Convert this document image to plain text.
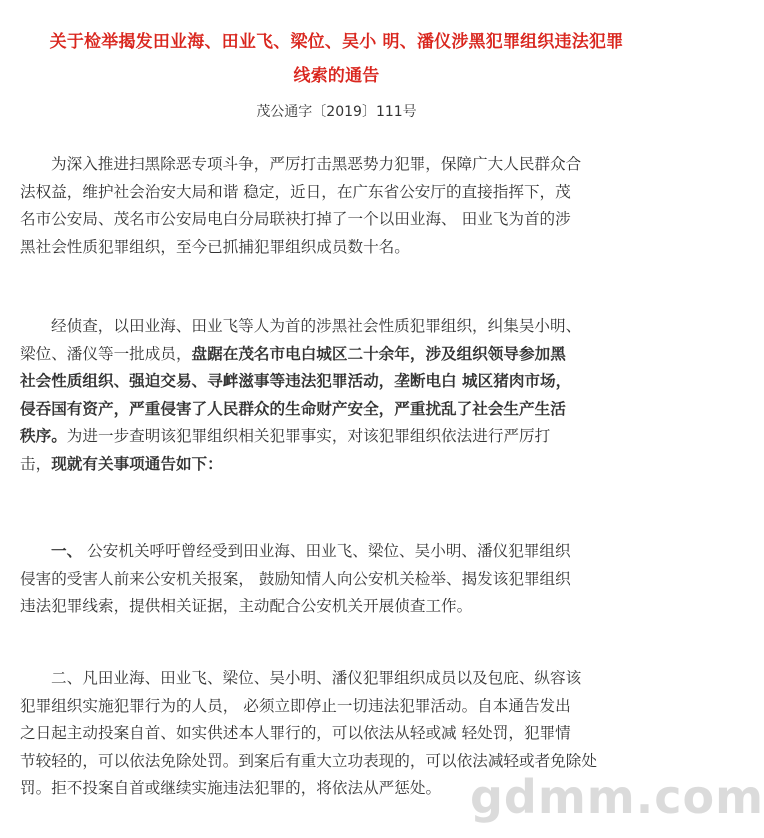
关于检举揭发田业海、田业飞、梁位、吴小 明、潘仪涉黑犯罪组织违法犯罪
线索的通告
茂公通字〔2019〕111号
为深入推进扫黑除恶专项斗争，严厉打击黑恶势力犯罪，保障广大人民群众合
法权益，维护社会治安大局和谐 稳定，近日，在广东省公安厅的直接指挥下，茂
名市公安局、茂名市公安局电白分局联袂打掉了一个以田业海、 田业飞为首的涉
黑社会性质犯罪组织，至今已抓捕犯罪组织成员数十名。
经侦查，以田业海、田业飞等人为首的涉黑社会性质犯罪组织，纠集吴小明、
梁位、潘仪等一批成员，盘踞在茂名市电白城区二十余年，涉及组织领导参加黑
社会性质组织、强迫交易、寻衅滋事等违法犯罪活动，垄断电白 城区猪肉市场，
侵吞国有资产，严重侵害了人民群众的生命财产安全，严重扰乱了社会生产生活
秩序。为进一步查明该犯罪组织相关犯罪事实，对该犯罪组织依法进行严厉打
击，现就有关事项通告如下：
一、 公安机关呼吁曾经受到田业海、田业飞、梁位、吴小明、潘仪犯罪组织
侵害的受害人前来公安机关报案， 鼓励知情人向公安机关检举、揭发该犯罪组织
违法犯罪线索，提供相关证据，主动配合公安机关开展侦查工作。
二、凡田业海、田业飞、梁位、吴小明、潘仪犯罪组织成员以及包庇、纵容该
犯罪组织实施犯罪行为的人员， 必须立即停止一切违法犯罪活动。自本通告发出
之日起主动投案自首、如实供述本人罪行的，可以依法从轻或减 轻处罚，犯罪情
节较轻的，可以依法免除处罚。到案后有重大立功表现的，可以依法减轻或者免除处
罚。拒不投案自首或继续实施违法犯罪的，将依法从严惩处。 gdmm.com
